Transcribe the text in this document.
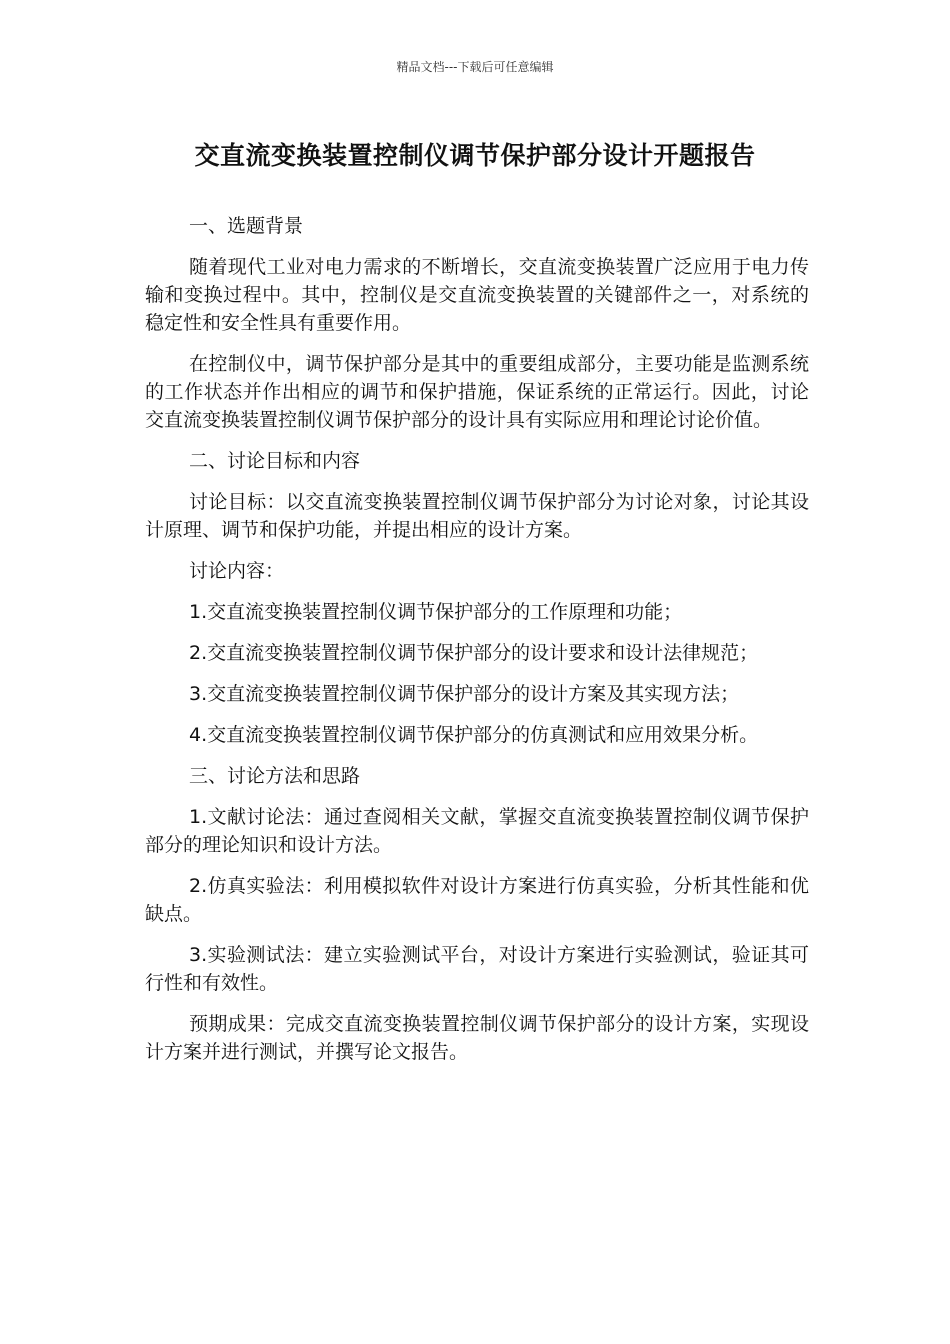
精品文档---下载后可任意编辑
交直流变换装置控制仪调节保护部分设计开题报告

一、选题背景

随着现代工业对电力需求的不断增长，交直流变换装置广泛应用于电力传输和变换过程中。其中，控制仪是交直流变换装置的关键部件之一，对系统的稳定性和安全性具有重要作用。

在控制仪中，调节保护部分是其中的重要组成部分，主要功能是监测系统的工作状态并作出相应的调节和保护措施，保证系统的正常运行。因此，讨论交直流变换装置控制仪调节保护部分的设计具有实际应用和理论讨论价值。

二、讨论目标和内容

讨论目标：以交直流变换装置控制仪调节保护部分为讨论对象，讨论其设计原理、调节和保护功能，并提出相应的设计方案。

讨论内容：

1.交直流变换装置控制仪调节保护部分的工作原理和功能；

2.交直流变换装置控制仪调节保护部分的设计要求和设计法律规范；

3.交直流变换装置控制仪调节保护部分的设计方案及其实现方法；

4.交直流变换装置控制仪调节保护部分的仿真测试和应用效果分析。

三、讨论方法和思路

1.文献讨论法：通过查阅相关文献，掌握交直流变换装置控制仪调节保护部分的理论知识和设计方法。

2.仿真实验法：利用模拟软件对设计方案进行仿真实验，分析其性能和优缺点。

3.实验测试法：建立实验测试平台，对设计方案进行实验测试，验证其可行性和有效性。

预期成果：完成交直流变换装置控制仪调节保护部分的设计方案，实现设计方案并进行测试，并撰写论文报告。
